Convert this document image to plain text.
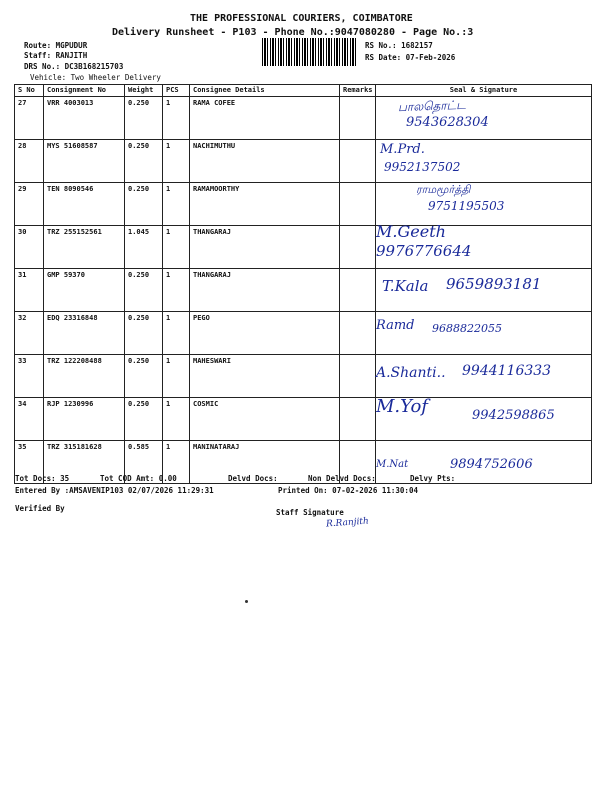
THE PROFESSIONAL COURIERS, COIMBATORE
Delivery Runsheet - P103 - Phone No.:9047080280 - Page No.:3
Route: MGPUDUR
Staff: RANJITH
DRS No.: DC3B168215703
Vehicle: Two Wheeler Delivery
RS No.: 1682157
RS Date: 07-Feb-2026
S No	Consignment No	Weight	PCS	Consignee Details	Remarks	Seal & Signature
27	VRR 4003013	0.250	1	RAMA COFEE		பாலதொட்ட
9543628304

28	MYS 51608587	0.250	1	NACHIMUTHU		M.Prd.
9952137502

29	TEN 8090546	0.250	1	RAMAMOORTHY		ராமமூர்த்தி
9751195503

30	TRZ 255152561	1.045	1	THANGARAJ		M.Geeth
9976776644

31	GMP 59370	0.250	1	THANGARAJ		T.Kala 9659893181

32	EDQ 23316848	0.250	1	PEGO		Ramd 9688822055

33	TRZ 122208488	0.250	1	MAHESWARI		A.Shanti.. 9944116333

34	RJP 1230996	0.250	1	COSMIC		M.Yof 9942598865

35	TRZ 315181628	0.585	1	MANINATARAJ		M.Nat 9894752606
Tot Docs: 35	Tot COD Amt: 0.00	Delvd Docs:	Non Delvd Docs:	Delvy Pts:
Entered By :AMSAVENIP103 02/07/2026 11:29:31	Printed On: 07-02-2026 11:30:04
Verified By	Staff Signature
R.Ranjith
